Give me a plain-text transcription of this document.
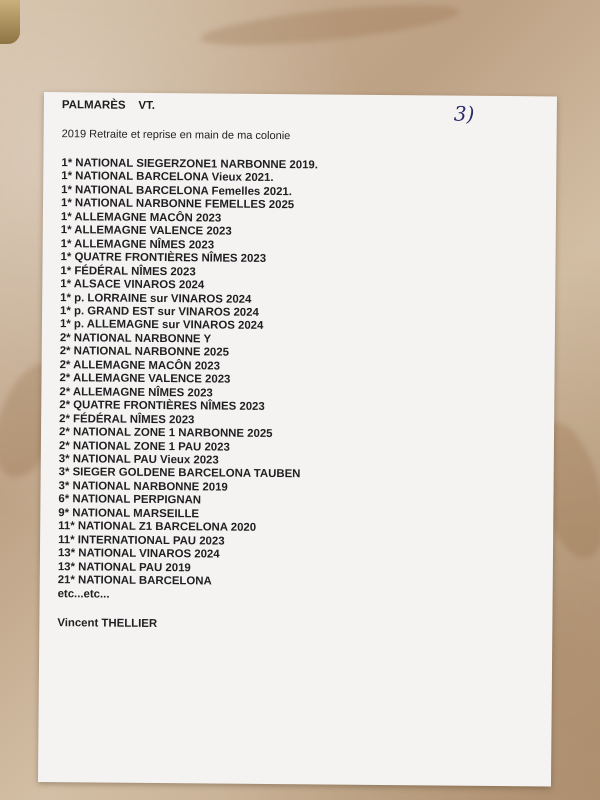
3)

PALMARÈS    VT.

2019 Retraite et reprise en main de ma colonie

1* NATIONAL SIEGERZONE1 NARBONNE 2019.
1* NATIONAL BARCELONA Vieux 2021.
1* NATIONAL BARCELONA Femelles 2021.
1* NATIONAL NARBONNE FEMELLES 2025
1* ALLEMAGNE MACÔN 2023
1* ALLEMAGNE VALENCE 2023
1* ALLEMAGNE NÎMES 2023
1* QUATRE FRONTIÈRES NÎMES 2023
1* FÉDÉRAL NÎMES 2023
1* ALSACE VINAROS 2024
1* p. LORRAINE sur VINAROS 2024
1* p. GRAND EST sur VINAROS 2024
1* p. ALLEMAGNE sur VINAROS 2024
2* NATIONAL NARBONNE Y
2* NATIONAL NARBONNE 2025
2* ALLEMAGNE MACÔN 2023
2* ALLEMAGNE VALENCE 2023
2* ALLEMAGNE NÎMES 2023
2* QUATRE FRONTIÈRES NÎMES 2023
2* FÉDÉRAL NÎMES 2023
2* NATIONAL ZONE 1 NARBONNE 2025
2* NATIONAL ZONE 1 PAU 2023
3* NATIONAL PAU Vieux 2023
3* SIEGER GOLDENE BARCELONA TAUBEN
3* NATIONAL NARBONNE 2019
6* NATIONAL PERPIGNAN
9* NATIONAL MARSEILLE
11* NATIONAL Z1 BARCELONA 2020
11* INTERNATIONAL PAU 2023
13* NATIONAL VINAROS 2024
13* NATIONAL PAU 2019
21* NATIONAL BARCELONA
etc...etc...
Vincent THELLIER
